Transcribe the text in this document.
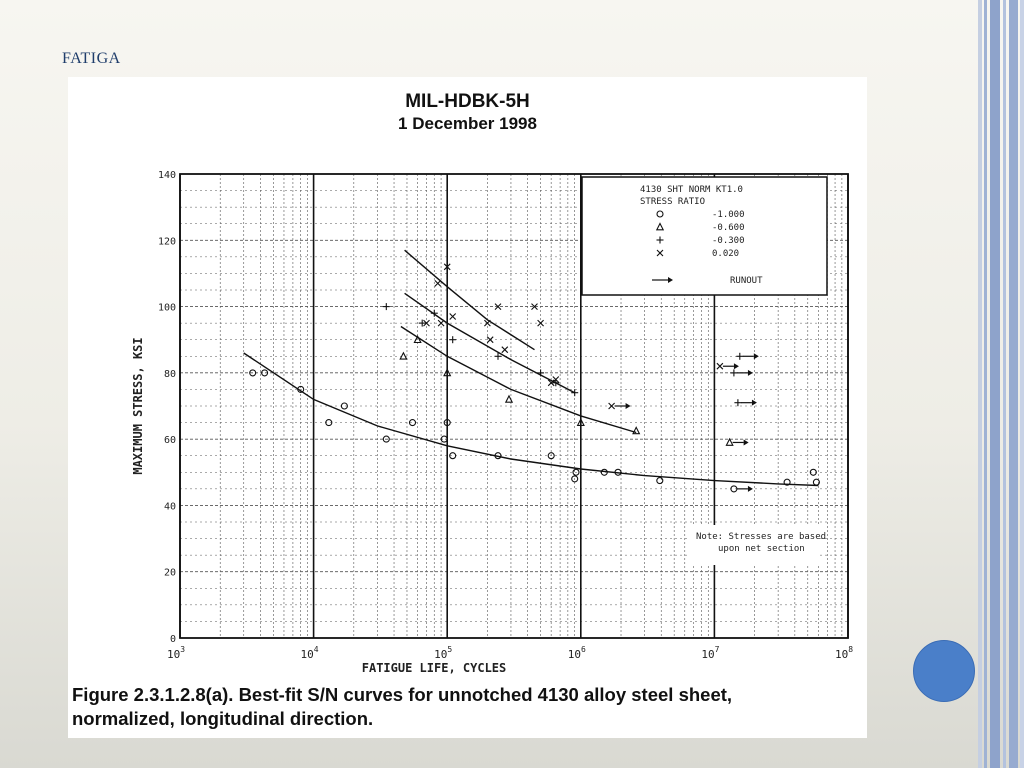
FATIGA
MIL-HDBK-5H
1 December 1998
0
20
40
60
80
100
120
140
$10^3$	$10^4$	$10^5$	$10^6$	$10^7$	$10^8$
FATIGUE LIFE, CYCLES
MAXIMUM STRESS, KSI
4130 SHT NORM KT1.0
STRESS RATIO
-1.000
-0.600
-0.300
0.020
→	RUNOUT
Note: Stresses are based
upon net section
Figure 2.3.1.2.8(a). Best-fit S/N curves for unnotched 4130 alloy steel sheet,
normalized, longitudinal direction.
